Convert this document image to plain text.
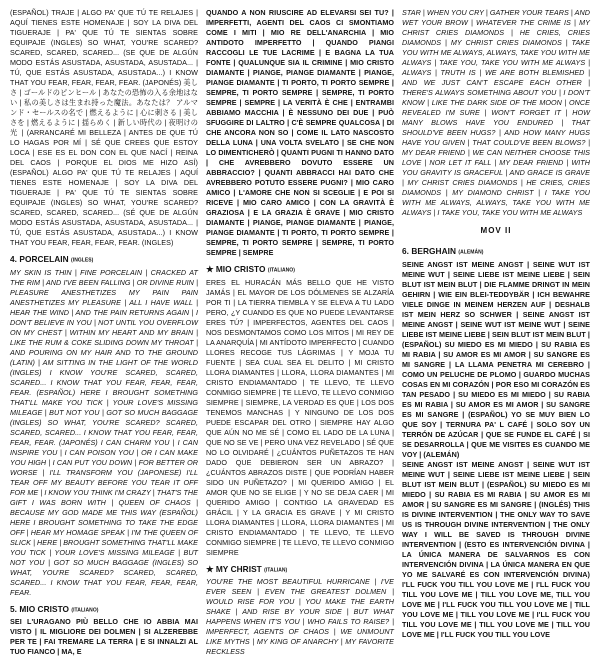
(ESPAÑOL) TRAJE | ALGO PA' QUE TÚ TE RELAJES | AQUÍ TIENES ESTE HOMENAJE | SOY LA DIVA DEL TIGUERAJE | PA' QUE TÚ TE SIENTAS SOBRE EQUIPAJE (INGLES) SO WHAT, YOU'RE SCARED? SCARED, SCARED, SCARED... (SE QUE DE ALGÚN MODO ESTÁS ASUSTADA, ASUSTADA, ASUSTADA... | TÚ, QUE ESTÁS ASUSTADA, ASUSTADA...) I KNOW THAT YOU FEAR, FEAR, FEAR, FEAR. (JAPONÉS) 美しさ | ゴールドのピンヒール | あなたの恐怖の入る余地はない | 私の美しさは生まれ持った魔法。あなたは？ アルマンド・セールスの名で | 燃えるように | 心に刺さる | 美しさを | 燃えるように | 揺らめく | 新しい時代の | 夜明けの光 | (ARRANCARÉ MI BELLEZA | ANTES DE QUE TÚ LO HAGAS POR MÍ | SÉ QUE CREES QUE ESTOY LOCA | ESE ES EL DON CON EL QUE NACÍ | REINA DEL CAOS | PORQUE EL DIOS ME HIZO ASÍ) (ESPAÑOL) ALGO PA' QUE TÚ TE RELAJES | AQUÍ TIENES ESTE HOMENAJE | SOY LA DIVA DEL TIGUERAJE | PA' QUE TÚ TE SIENTAS SOBRE EQUIPAJE (INGLES) SO WHAT, YOU'RE SCARED? SCARED, SCARED, SCARED... (SÉ QUE DE ALGÚN MODO ESTÁS ASUSTADA, ASUSTADA, ASUSTADA... | TÚ, QUE ESTÁS ASUSTADA, ASUSTADA...) I KNOW THAT YOU FEAR, FEAR, FEAR, FEAR. (INGLES)

4. PORCELAIN (INGLES)

MY SKIN IS THIN | FINE PORCELAIN | CRACKED AT THE RIM | AND I'VE BEEN FALLING | OR DIVINE RUIN | PLEASURE ANESTHETIZES MY PAIN PAIN ANESTHETIZES MY PLEASURE | ALL I HAVE WALL | HEAR THE WIND | AND THE PAIN RETURNS AGAIN | I DON'T BELIEVE IN YOU | NOT UNTIL YOU OVERFLOW ON MY CHEST | WITHIN MY HEART AND MY BRAIN | LIKE THE RUM & COKE SLIDING DOWN MY THROAT | AND POURING ON MY HAIR AND TO THE GROUND (LATIN) | AM SITTING IN THE LIGHT OF THE WORLD (INGLES) I KNOW YOU'RE SCARED, SCARED, SCARED... I KNOW THAT YOU FEAR, FEAR, FEAR, FEAR. (ESPAÑOL) HERE I BROUGHT SOMETHING THAT'LL MAKE YOU TICK | YOUR LOVE'S MISSING MILEAGE | BUT NOT YOU | GOT SO MUCH BAGGAGE (INGLES) SO WHAT, YOU'RE SCARED? SCARED, SCARED, SCARED... I KNOW THAT YOU FEAR, FEAR, FEAR, FEAR. (JAPONÉS) I CAN CHARM YOU | I CAN INSPIRE YOU | I CAN POISON YOU | OR I CAN MAKE YOU HIGH | I CAN PUT YOU DOWN | FOR BETTER OR WORSE | I'LL TRANSFORM YOU (JAPONESE) I'LL TEAR OFF MY BEAUTY BEFORE YOU TEAR IT OFF FOR ME | I KNOW YOU THINK I'M CRAZY | THAT'S THE GIFT I WAS BORN WITH | QUEEN OF CHAOS | BECAUSE MY GOD MADE ME THIS WAY (ESPAÑOL) HERE I BROUGHT SOMETHING TO TAKE THE EDGE OFF | HEAR MY HOMAGE SPEAK | I'M THE QUEEN OF SLICK | HERE | BROUGHT SOMETHING THAT'LL MAKE YOU TICK | YOUR LOVE'S MISSING MILEAGE | BUT NOT YOU | GOT SO MUCH BAGGAGE (INGLES) SO WHAT, YOU'RE SCARED? SCARED, SCARED, SCARED... I KNOW THAT YOU FEAR, FEAR, FEAR, FEAR.

5. MIO CRISTO (ITALIANO)

SEI L'URAGANO PIÙ BELLO CHE IO ABBIA MAI VISTO | IL MIGLIORE DEI DOLMEN | SI ALZEREBBE PER TE | FAI TREMARE LA TERRA | E SI INNALZI AL TUO FIANCO | MA, E

QUANDO A NON RIUSCIRE AD ELEVARSI SEI TU? | IMPERFETTI, AGENTI DEL CAOS CI SMONTIAMO COME I MITI | MIO RE DELL'ANARCHIA | MIO ANTIDOTO IMPERFETTO | QUANDO PIANGI RACCOGLI LE TUE LACRIME | E BAGNA LA TUA FONTE | QUALUNQUE SIA IL CRIMINE | MIO CRISTO DIAMANTE | PIANGE, PIANGE DIAMANTE | PIANGE, PIANGE DIAMANTE | TI PORTO, TI PORTO SEMPRE | SEMPRE, TI PORTO SEMPRE | SEMPRE, TI PORTO SEMPRE | SEMPRE | LA VERITÀ È CHE | ENTRAMBI ABBIAMO MACCHIA | È NESSUNO DEI DUE | PUÒ SFUGGIRE DI LALTRO | C'È SEMPRE QUALCOSA | DI CHE ANCORA NON SO | COME IL LATO NASCOSTO DELLA LUNA | UNA VOLTA SVELATO | SE CHE NON LO DIMENTICHERÒ | QUANTI PUGNI TI HANNO DATO | CHE AVREBBERO DOVUTO ESSERE UN ABBRACCIO? | QUANTI ABBRACCI HAI DATO CHE AVREBBERO POTUTO ESSERE PUGNI? | MIO CARO AMICO | L'AMORE CHE NON SI SCEGLIE | E POI SI RICEVE | MIO CARO AMICO | CON LA GRAVITÀ È GRAZIOSA | E LA GRAZIA È GRAVE | MIO CRISTO DIAMANTE | PIANGE, PIANGE DIAMANTE | PIANGE, PIANGE DIAMANTE | TI PORTO, TI PORTO SEMPRE | SEMPRE, TI PORTO SEMPRE | SEMPRE, TI PORTO SEMPRE | SEMPRE

★ MIO CRISTO (ITALIANO)

ERES EL HURACÁN MÁS BELLO QUE HE VISTO JAMÁS | EL MAYOR DE LOS DÓLMENES SE ALZARÍA POR TI | LA TIERRA TIEMBLA Y SE ELEVA A TU LADO PERO, ¿Y CUANDO ES QUE NO PUEDE LEVANTARSE ERES TÚ? | IMPERFECTOS, AGENTES DEL CAOS | NOS DESMONTAMOS COMO LOS MITOS | MI REY DE LA ANARQUÍA | MI ANTÍDOTO IMPERFECTO | CUANDO LLORES RECOGE TUS LÁGRIMAS | Y MOJA TU FUENTE | SEA CUAL SEA EL DELITO | MI CRISTO LLORA DIAMANTES | LLORA, LLORA DIAMANTES | MI CRISTO ENDIAMANTADO | TE LLEVO, TE LLEVO CONMIGO SIEMPRE | TE LLEVO, TE LLEVO CONMIGO SIEMPRE | SIEMPRE, LA VERDAD ES QUE | LOS DOS TENEMOS MANCHAS | Y NINGUNO DE LOS DOS PUEDE ESCAPAR DEL OTRO | SIEMPRE HAY ALGO QUE AÚN NO ME SÉ | COMO EL LADO DE LA LUNA | QUE NO SE VE | PERO UNA VEZ REVELADO | SÉ QUE NO LO OLVIDARÉ | ¿CUÁNTOS PUÑETAZOS TE HAN DADO QUE DEBIERON SER UN ABRAZO? | ¿CUÁNTOS ABRAZOS DISTE | QUE PODRÍAN HABER SIDO UN PUÑETAZO? | MI QUERIDO AMIGO | EL AMOR QUE NO SE ELIGE | Y NO SE DEJA CAER | MI QUERIDO AMIGO | CONTIGO LA GRAVEDAD ES GRÁCIL | Y LA GRACIA ES GRAVE | Y MI CRISTO LLORA DIAMANTES | LLORA, LLORA DIAMANTES | MI CRISTO ENDIAMANTADO | TE LLEVO, TE LLEVO CONMIGO SIEMPRE | TE LLEVO, TE LLEVO CONMIGO SIEMPRE

★ MY CHRIST (ITALIAN)

YOU'RE THE MOST BEAUTIFUL HURRICANE | I'VE EVER SEEN | EVEN THE GREATEST DOLMEN | WOULD RISE FOR YOU | YOU MAKE THE EARTH SHAKE | AND RISE BY YOUR SIDE | BUT WHAT HAPPENS WHEN IT'S YOU | WHO FAILS TO RAISE? | IMPERFECT, AGENTS OF CHAOS | WE UNMOUNT LIKE MYTHS | MY KING OF ANARCHY | MY FAVORITE RECKLESS

STAR | WHEN YOU CRY | GATHER YOUR TEARS | AND WET YOUR BROW | WHATEVER THE CRIME IS | MY CHRIST CRIES DIAMONDS | HE CRIES, CRIES DIAMONDS | MY CHRIST CRIES DIAMONDS | TAKE YOU WITH ME ALWAYS, ALWAYS, TAKE YOU WITH ME ALWAYS | TAKE YOU, TAKE YOU WITH ME ALWAYS | ALWAYS | TRUTH IS | WE ARE BOTH BLEMISHED | AND WE JUST CAN'T ESCAPE EACH OTHER | THERE'S ALWAYS SOMETHING ABOUT YOU | I DON'T KNOW | LIKE THE DARK SIDE OF THE MOON | ONCE REVEALED I'M SURE | WON'T FORGET IT | HOW MANY BLOWS HAVE YOU ENDURED | THAT SHOULD'VE BEEN HUGS? | AND HOW MANY HUGS HAVE YOU GIVEN | THAT COULD'VE BEEN BLOWS? | MY DEAR FRIEND | WE CAN NEITHER CHOOSE THIS LOVE | NOR LET IT FALL | MY DEAR FRIEND | WITH YOU GRAVITY IS GRACEFUL | AND GRACE IS GRAVE | MY CHRIST CRIES DIAMONDS | HE CRIES, CRIES DIAMONDS | MY DIAMOND CHRIST | I TAKE YOU WITH ME ALWAYS, ALWAYS, TAKE YOU WITH ME ALWAYS | I TAKE YOU, TAKE YOU WITH ME ALWAYS

MOV II
6. BERGHAIN (ALEMÁN)

SEINE ANGST IST MEINE ANGST | SEINE WUT IST MEINE WUT | SEINE LIEBE IST MEINE LIEBE | SEIN BLUT IST MEIN BLUT | DIE FLAMME DRINGT IN MEIN GEHIRN | WIE EIN BLEI-TEDDYBÄR | ICH BEWAHRE VIELE DINGE IN MEINEM HERZEN AUF | DESHALB IST MEIN HERZ SO SCHWER | SEINE ANGST IST MEINE ANGST | SEINE WUT IST MEINE WUT | SEINE LIEBE IST MEINE LIEBE | SEIN BLUT IST MEIN BLUT | (ESPAÑOL) SU MIEDO ES MI MIEDO | SU RABIA ES MI RABIA | SU AMOR ES MI AMOR | SU SANGRE ES MI SANGRE | LA LLAMA PENETRA MI CEREBRO | COMO UN PELUCHE DE PLOMO | GUARDO MUCHAS COSAS EN MI CORAZÓN | POR ESO MI CORAZÓN ES TAN PESADO | SU MIEDO ES MI MIEDO | SU RABIA ES MI RABIA | SU AMOR ES MI AMOR | SU SANGRE ES MI SANGRE | (ESPAÑOL) YO SE MUY BIEN LO QUE SOY | TERNURA PA' L CAFÉ | SOLO SOY UN TERRÓN DE AZÚCAR | QUE SE FUNDE EL CAFÉ | SI SE DESARROLLA | QUE ME VISITES ES CUANDO ME VOY | (ALEMÁN)

SEINE ANGST IST MEINE ANGST | SEINE WUT IST MEINE WUT | SEINE LIEBE IST MEINE LIEBE | SEIN BLUT IST MEIN BLUT | (ESPAÑOL) SU MIEDO ES MI MIEDO | SU RABIA ES MI RABIA | SU AMOR ES MI AMOR | SU SANGRE ES MI SANGRE | (INGLÉS) THIS IS DIVINE INTERVENTION | THE ONLY WAY TO SAVE US IS THROUGH DIVINE INTERVENTION | THE ONLY WAY I WILL BE SAVED IS THROUGH DIVINE INTERVENTION | (ESTO ES INTERVENCIÓN DIVINA | LA ÚNICA MANERA DE SALVARNOS ES CON INTERVENCIÓN DIVINA | LA ÚNICA MANERA EN QUE YO ME SALVARÉ ES CON INTERVENCIÓN DIVINA) I'LL FUCK YOU TILL YOU LOVE ME | I'LL FUCK YOU TILL YOU LOVE ME | TILL YOU LOVE ME, TILL YOU LOVE ME | I'LL FUCK YOU TILL YOU LOVE ME | TILL YOU LOVE ME | TILL YOU LOVE ME | I'LL FUCK YOU TILL YOU LOVE ME | TILL YOU LOVE ME | TILL YOU LOVE ME | I'LL FUCK YOU TILL YOU LOVE
